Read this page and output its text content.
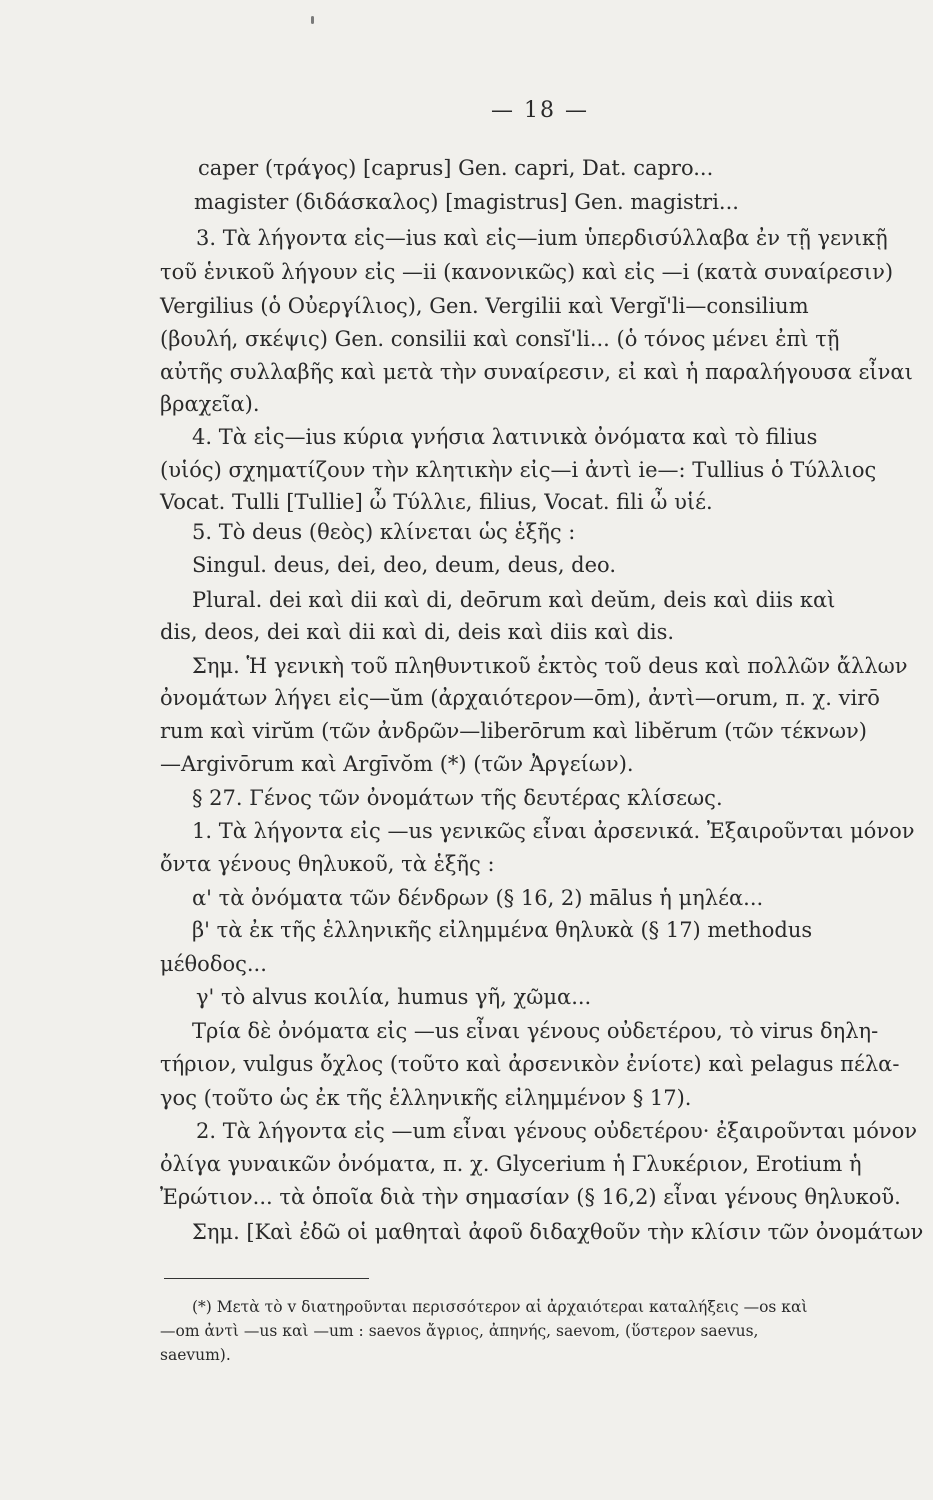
— 18 —
caper (τράγος) [caprus] Gen. capri, Dat. capro...
magister (διδάσκαλος) [magistrus] Gen. magistri...
3. Τὰ λήγοντα εἰς—ius καὶ εἰς—ium ὑπερδισύλλαβα ἐν τῇ γενικῇ
τοῦ ἑνικοῦ λήγουν εἰς —ii (κανονικῶς) καὶ εἰς —i (κατὰ συναίρεσιν)
Vergilius (ὁ Οὐεργίλιος), Gen. Vergilii καὶ Vergĭ'li—consilium
(βουλή, σκέψις) Gen. consilii καὶ consĭ'li... (ὁ τόνος μένει ἐπὶ τῇ
αὐτῆς συλλαβῆς καὶ μετὰ τὴν συναίρεσιν, εἰ καὶ ἡ παραλήγουσα εἶναι
βραχεῖα).
4. Τὰ εἰς—ius κύρια γνήσια λατινικὰ ὀνόματα καὶ τὸ filius
(υἱός) σχηματίζουν τὴν κλητικὴν εἰς—i ἀντὶ ie—: Tullius ὁ Τύλλιος
Vocat. Tulli [Tullie] ὦ Τύλλιε, filius, Vocat. fili ὦ υἱέ.
5. Τὸ deus (θεὸς) κλίνεται ὡς ἑξῆς :
Singul. deus, dei, deo, deum, deus, deo.
Plural. dei καὶ dii καὶ di, deōrum καὶ deŭm, deis καὶ diis καὶ
dis, deos, dei καὶ dii καὶ di, deis καὶ diis καὶ dis.
Σημ. Ἡ γενικὴ τοῦ πληθυντικοῦ ἐκτὸς τοῦ deus καὶ πολλῶν ἄλλων
ὀνομάτων λήγει εἰς—ŭm (ἀρχαιότερον—ōm), ἀντὶ—orum, π. χ. virō
rum καὶ virŭm (τῶν ἀνδρῶν—liberōrum καὶ libĕrum (τῶν τέκνων)
—Argivōrum καὶ Argīvŏm (*) (τῶν Ἀργείων).
§ 27. Γένος τῶν ὀνομάτων τῆς δευτέρας κλίσεως.
1. Τὰ λήγοντα εἰς —us γενικῶς εἶναι ἀρσενικά. Ἐξαιροῦνται μόνον
ὄντα γένους θηλυκοῦ, τὰ ἑξῆς :
α' τὰ ὀνόματα τῶν δένδρων (§ 16, 2) mālus ἡ μηλέα...
β' τὰ ἐκ τῆς ἑλληνικῆς εἰλημμένα θηλυκὰ (§ 17) methodus
μέθοδος...
γ' τὸ alvus κοιλία, humus γῆ, χῶμα...
Τρία δὲ ὀνόματα εἰς —us εἶναι γένους οὐδετέρου, τὸ virus δηλη-
τήριον, vulgus ὄχλος (τοῦτο καὶ ἀρσενικὸν ἐνίοτε) καὶ pelagus πέλα-
γος (τοῦτο ὡς ἐκ τῆς ἑλληνικῆς εἰλημμένον § 17).
2. Τὰ λήγοντα εἰς —um εἶναι γένους οὐδετέρου· ἐξαιροῦνται μόνον
ὀλίγα γυναικῶν ὀνόματα, π. χ. Glycerium ἡ Γλυκέριον, Erotium ἡ
Ἐρώτιον... τὰ ὁποῖα διὰ τὴν σημασίαν (§ 16,2) εἶναι γένους θηλυκοῦ.
Σημ. [Καὶ ἐδῶ οἱ μαθηταὶ ἀφοῦ διδαχθοῦν τὴν κλίσιν τῶν ὀνομάτων
(*) Μετὰ τὸ v διατηροῦνται περισσότερον αἱ ἀρχαιότεραι καταλήξεις —os καὶ
—om ἀντὶ —us καὶ —um : saevos ἄγριος, ἀπηνής, saevom, (ὕστερον saevus,
saevum).
